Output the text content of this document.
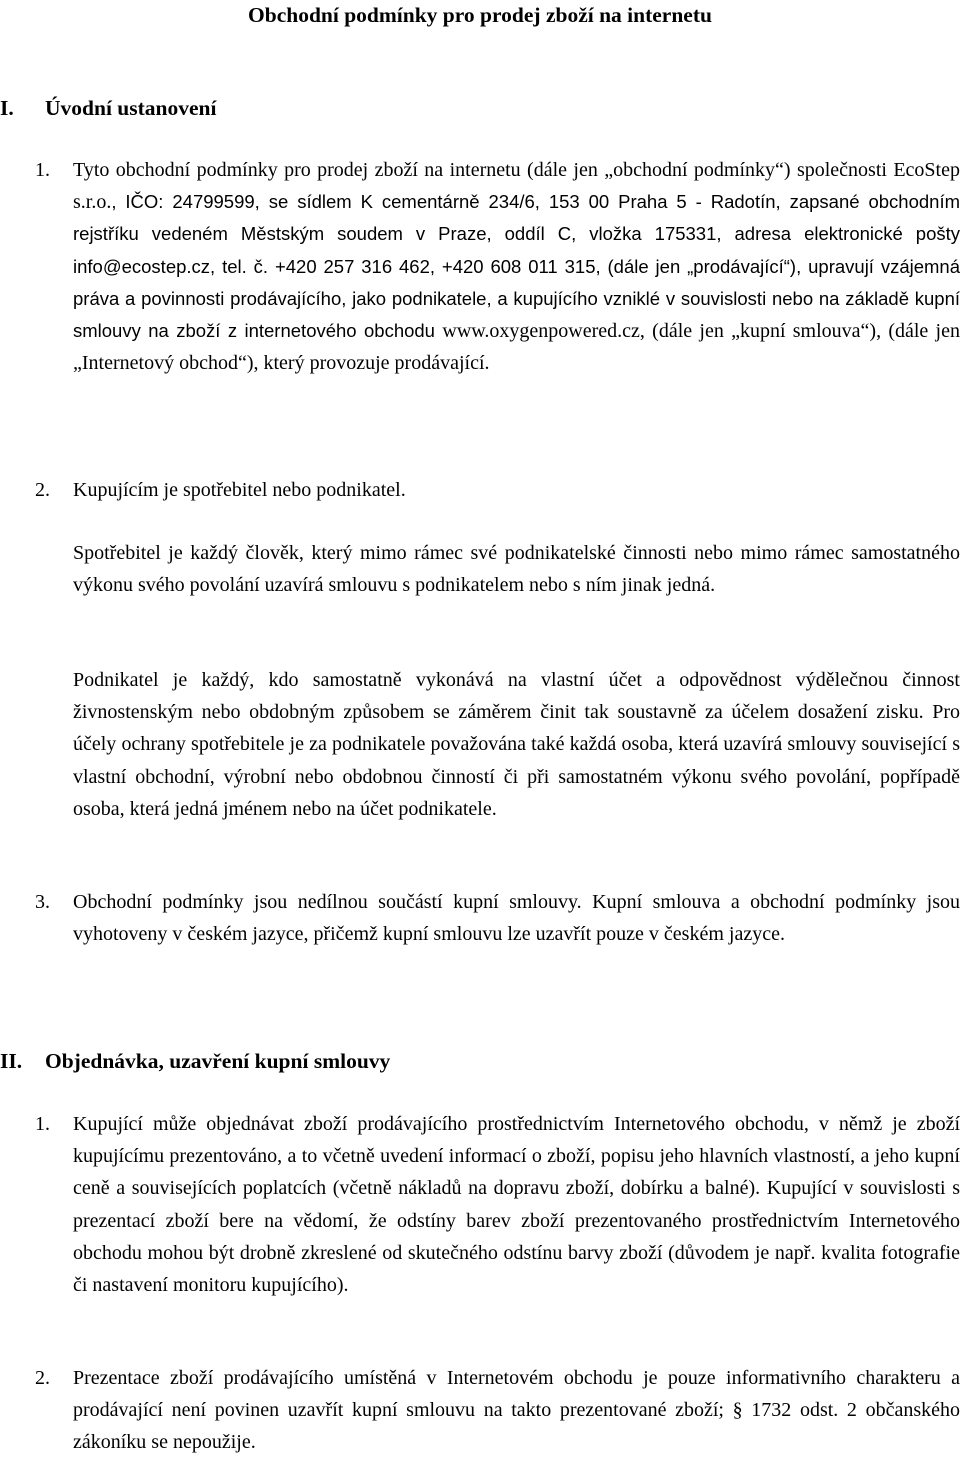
Obchodní podmínky pro prodej zboží na internetu
I. Úvodní ustanovení
1. Tyto obchodní podmínky pro prodej zboží na internetu (dále jen „obchodní podmínky“) společnosti EcoStep s.r.o., IČO: 24799599, se sídlem K cementárně 234/6, 153 00 Praha 5 - Radotín, zapsané obchodním rejstříku vedeném Městským soudem v Praze, oddíl C, vložka 175331, adresa elektronické pošty info@ecostep.cz, tel. č. +420 257 316 462, +420 608 011 315, (dále jen „prodávající“), upravují vzájemná práva a povinnosti prodávajícího, jako podnikatele, a kupujícího vzniklé v souvislosti nebo na základě kupní smlouvy na zboží z internetového obchodu www.oxygenpowered.cz, (dále jen „kupní smlouva“), (dále jen „Internetový obchod“), který provozuje prodávající.
2. Kupujícím je spotřebitel nebo podnikatel.
Spotřebitel je každý člověk, který mimo rámec své podnikatelské činnosti nebo mimo rámec samostatného výkonu svého povolání uzavírá smlouvu s podnikatelem nebo s ním jinak jedná.
Podnikatel je každý, kdo samostatně vykonává na vlastní účet a odpovědnost výdělečnou činnost živnostenským nebo obdobným způsobem se záměrem činit tak soustavně za účelem dosažení zisku. Pro účely ochrany spotřebitele je za podnikatele považována také každá osoba, která uzavírá smlouvy související s vlastní obchodní, výrobní nebo obdobnou činností či při samostatném výkonu svého povolání, popřípadě osoba, která jedná jménem nebo na účet podnikatele.
3. Obchodní podmínky jsou nedílnou součástí kupní smlouvy. Kupní smlouva a obchodní podmínky jsou vyhotoveny v českém jazyce, přičemž kupní smlouvu lze uzavřít pouze v českém jazyce.
II. Objednávka, uzavření kupní smlouvy
1. Kupující může objednávat zboží prodávajícího prostřednictvím Internetového obchodu, v němž je zboží kupujícímu prezentováno, a to včetně uvedení informací o zboží, popisu jeho hlavních vlastností, a jeho kupní ceně a souvisejících poplatcích (včetně nákladů na dopravu zboží, dobírku a balné). Kupující v souvislosti s prezentací zboží bere na vědomí, že odstíny barev zboží prezentovaného prostřednictvím Internetového obchodu mohou být drobně zkreslené od skutečného odstínu barvy zboží (důvodem je např. kvalita fotografie či nastavení monitoru kupujícího).
2. Prezentace zboží prodávajícího umístěná v Internetovém obchodu je pouze informativního charakteru a prodávající není povinen uzavřít kupní smlouvu na takto prezentované zboží; § 1732 odst. 2 občanského zákoníku se nepoužije.
